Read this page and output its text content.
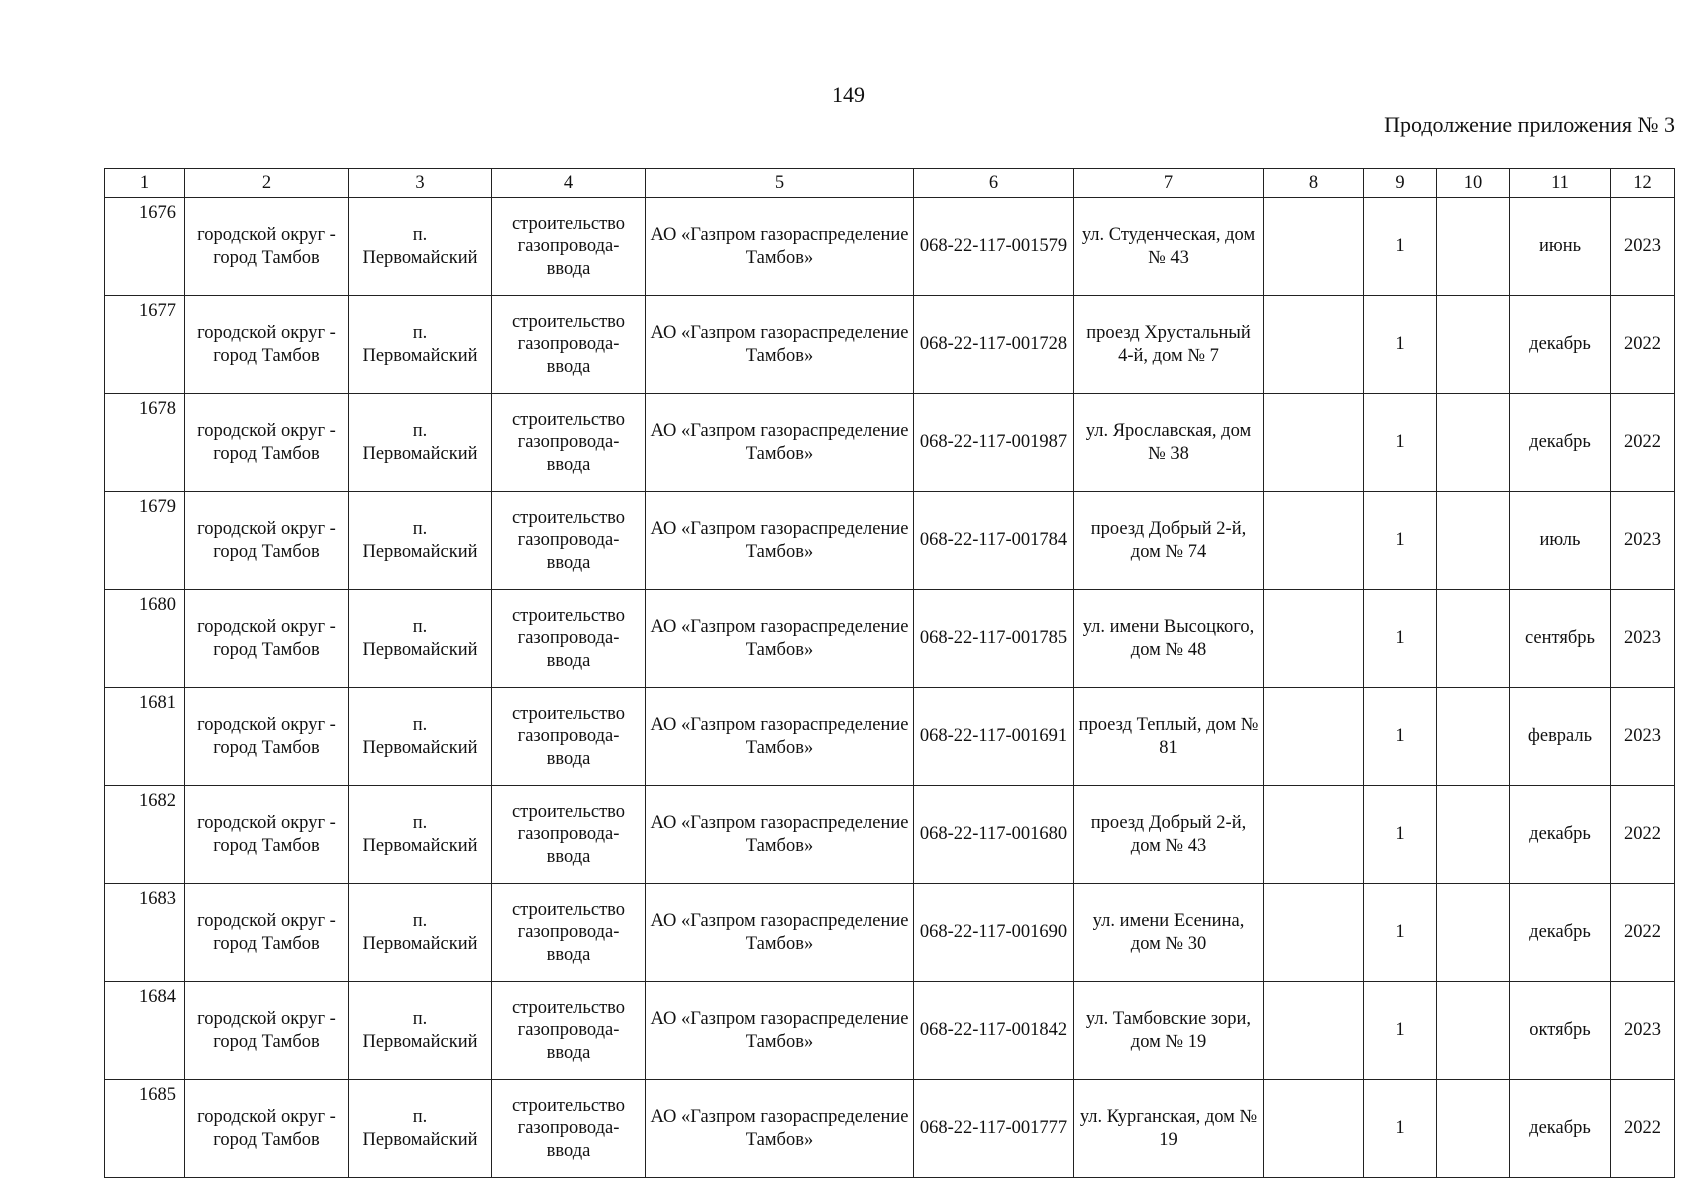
149
Продолжение приложения № 3
1	2	3	4	5	6	7	8	9	10	11	12
1676	городской округ - город Тамбов	п. Первомайский	строительство газопровода-ввода	АО «Газпром газораспределение Тамбов»	068-22-117-001579	ул. Студенческая, дом № 43		1		июнь	2023
1677	городской округ - город Тамбов	п. Первомайский	строительство газопровода-ввода	АО «Газпром газораспределение Тамбов»	068-22-117-001728	проезд Хрустальный 4-й, дом № 7		1		декабрь	2022
1678	городской округ - город Тамбов	п. Первомайский	строительство газопровода-ввода	АО «Газпром газораспределение Тамбов»	068-22-117-001987	ул. Ярославская, дом № 38		1		декабрь	2022
1679	городской округ - город Тамбов	п. Первомайский	строительство газопровода-ввода	АО «Газпром газораспределение Тамбов»	068-22-117-001784	проезд Добрый 2-й, дом № 74		1		июль	2023
1680	городской округ - город Тамбов	п. Первомайский	строительство газопровода-ввода	АО «Газпром газораспределение Тамбов»	068-22-117-001785	ул. имени Высоцкого, дом № 48		1		сентябрь	2023
1681	городской округ - город Тамбов	п. Первомайский	строительство газопровода-ввода	АО «Газпром газораспределение Тамбов»	068-22-117-001691	проезд Теплый, дом № 81		1		февраль	2023
1682	городской округ - город Тамбов	п. Первомайский	строительство газопровода-ввода	АО «Газпром газораспределение Тамбов»	068-22-117-001680	проезд Добрый 2-й, дом № 43		1		декабрь	2022
1683	городской округ - город Тамбов	п. Первомайский	строительство газопровода-ввода	АО «Газпром газораспределение Тамбов»	068-22-117-001690	ул. имени Есенина, дом № 30		1		декабрь	2022
1684	городской округ - город Тамбов	п. Первомайский	строительство газопровода-ввода	АО «Газпром газораспределение Тамбов»	068-22-117-001842	ул. Тамбовские зори, дом № 19		1		октябрь	2023
1685	городской округ - город Тамбов	п. Первомайский	строительство газопровода-ввода	АО «Газпром газораспределение Тамбов»	068-22-117-001777	ул. Курганская, дом № 19		1		декабрь	2022
